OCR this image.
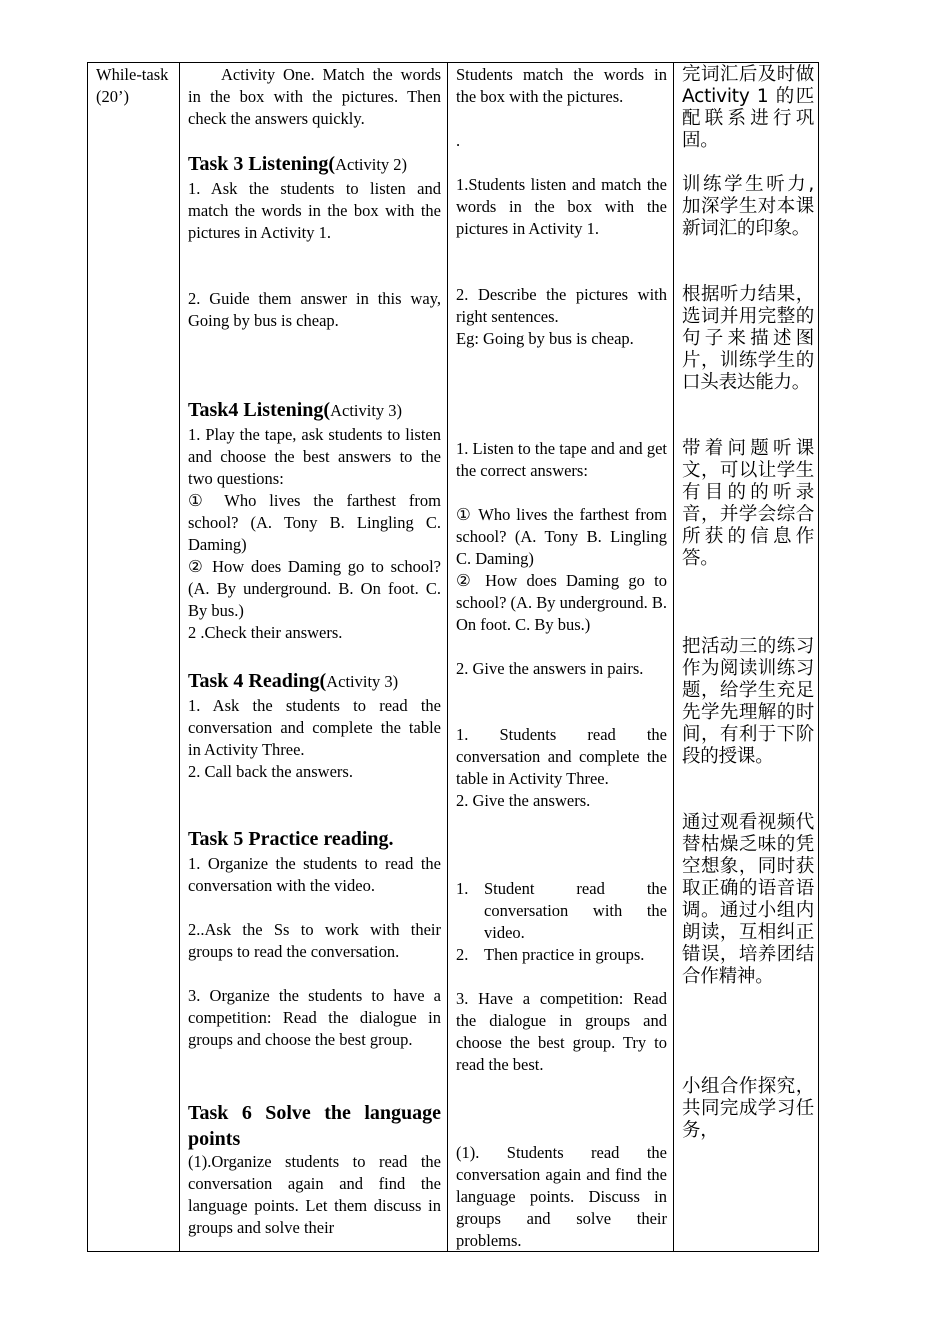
While-task (20’)

Activity One. Match the words in the box with the pictures. Then check the answers quickly.

Task 3 Listening(Activity 2)

1. Ask the students to listen and match the words in the box with the pictures in Activity 1.

2. Guide them answer in this way, Going by bus is cheap.

Task4 Listening(Activity 3)

1. Play the tape, ask students to listen and choose the best answers to the two questions:

① Who lives the farthest from school? (A. Tony B. Lingling C. Daming)

② How does Daming go to school? (A. By underground. B. On foot. C. By bus.)

2 .Check their answers.

Task 4 Reading(Activity 3)

1. Ask the students to read the conversation and complete the table in Activity Three.

2. Call back the answers.

Task 5 Practice reading.

1. Organize the students to read the conversation with the video.

2..Ask the Ss to work with their groups to read the conversation.

3. Organize the students to have a competition: Read the dialogue in groups and choose the best group.

Task 6 Solve the language points

(1).Organize students to read the conversation again and find the language points. Let them discuss in groups and solve their

Students match the words in the box with the pictures.

.

1.Students listen and match the words in the box with the pictures in Activity 1.

2. Describe the pictures with right sentences.

Eg: Going by bus is cheap.

1. Listen to the tape and and get the correct answers:

① Who lives the farthest from school? (A. Tony B. Lingling C. Daming)

② How does Daming go to school? (A. By underground. B. On foot. C. By bus.)

2. Give the answers in pairs.

1. Students read the conversation and complete the table in Activity Three.

2. Give the answers.

1. Student read the conversation with the video.
2. Then practice in groups.

3. Have a competition: Read the dialogue in groups and choose the best group. Try to read the best.

(1). Students read the conversation again and find the language points. Discuss in groups and solve their problems.

完词汇后及时做 Activity 1 的匹配联系进行巩固。

训练学生听力,加深学生对本课新词汇的印象。

根据听力结果，选词并用完整的句子来描述图片，训练学生的口头表达能力。

带着问题听课文，可以让学生有目的的听录音，并学会综合所获的信息作答。

把活动三的练习作为阅读训练习题，给学生充足先学先理解的时间，有利于下阶段的授课。

通过观看视频代替枯燥乏味的凭空想象，同时获取正确的语音语调。通过小组内朗读，互相纠正错误，培养团结合作精神。

小组合作探究，共同完成学习任务，
